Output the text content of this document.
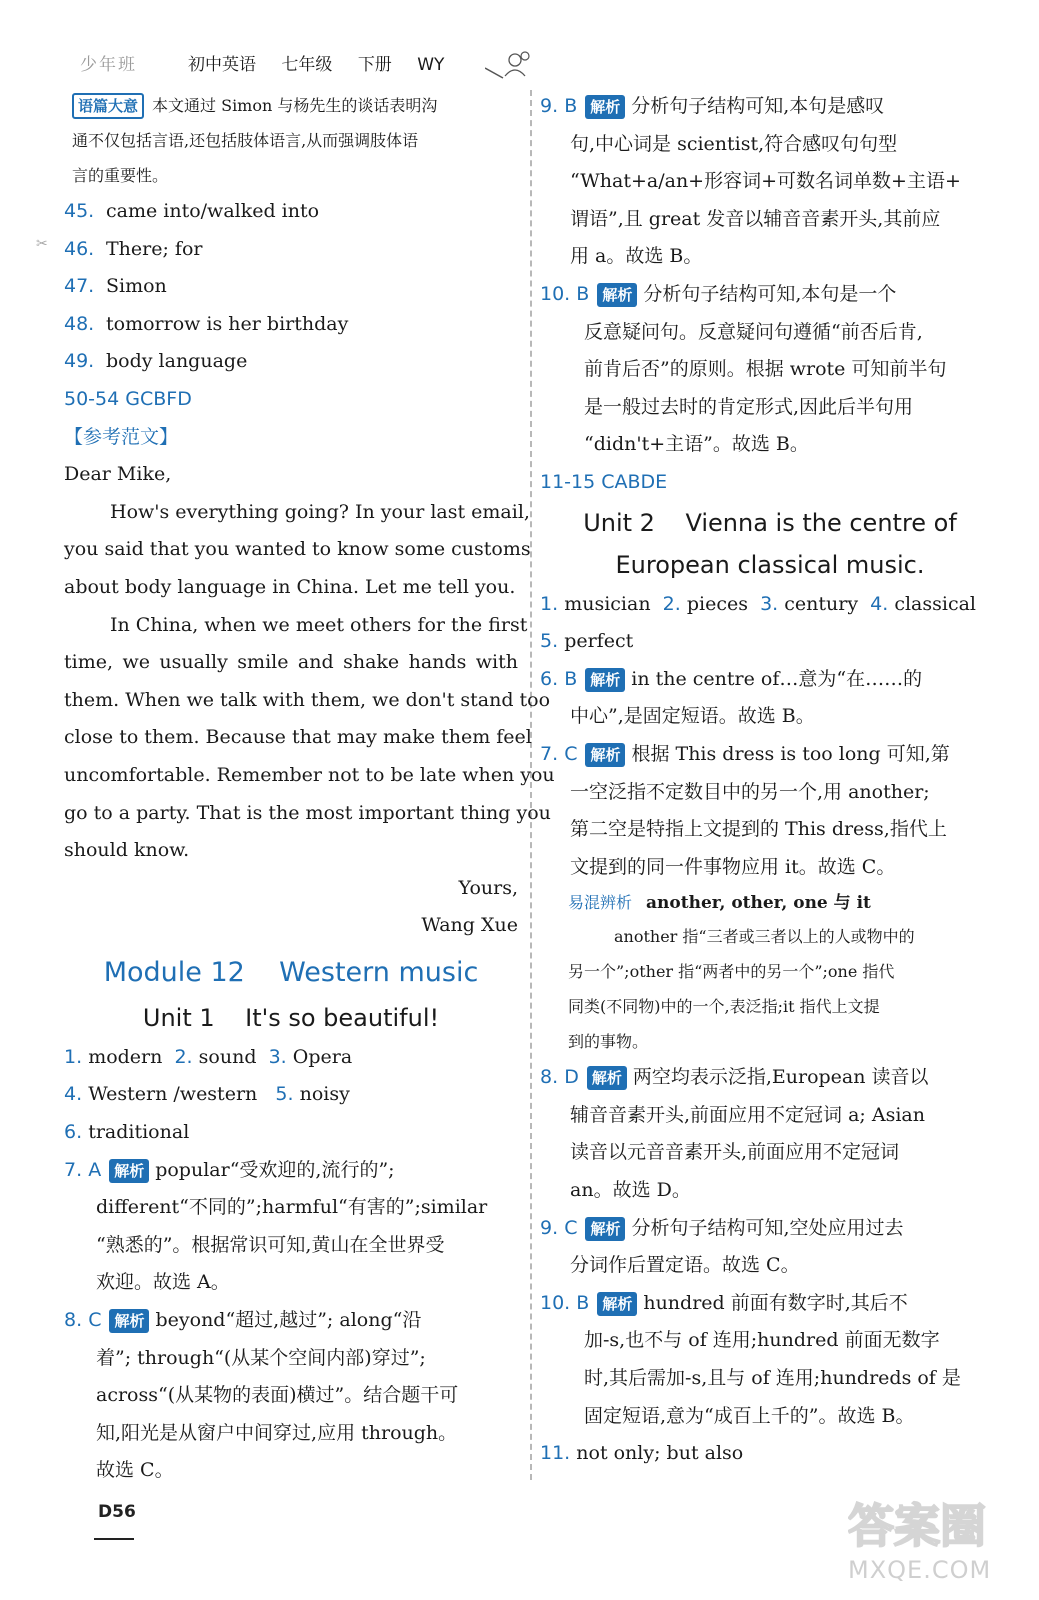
少年班	初中英语 七年级 下册 WY
✂
语篇大意 本文通过 Simon 与杨先生的谈话表明沟
通不仅包括言语,还包括肢体语言,从而强调肢体语
言的重要性。
45. came into/walked into
46. There; for
47. Simon
48. tomorrow is her birthday
49. body language
50-54 GCBFD
【参考范文】
Dear Mike,
How's everything going? In your last email,
you said that you wanted to know some customs
about body language in China. Let me tell you.
In China, when we meet others for the first
time, we usually smile and shake hands with
them. When we talk with them, we don't stand too
close to them. Because that may make them feel
uncomfortable. Remember not to be late when you
go to a party. That is the most important thing you
should know.
Yours,
Wang Xue
Module 12    Western music
Unit 1    It's so beautiful!
1. modern 2. sound 3. Opera
4. Western /western 5. noisy
6. traditional
7. A 解析 popular“受欢迎的,流行的”;
different“不同的”;harmful“有害的”;similar
“熟悉的”。根据常识可知,黄山在全世界受
欢迎。故选 A。
8. C 解析 beyond“超过,越过”; along“沿
着”; through“(从某个空间内部)穿过”;
across“(从某物的表面)横过”。结合题干可
知,阳光是从窗户中间穿过,应用 through。
故选 C。
9. B 解析 分析句子结构可知,本句是感叹
句,中心词是 scientist,符合感叹句句型
“What+a/an+形容词+可数名词单数+主语+
谓语”,且 great 发音以辅音音素开头,其前应
用 a。故选 B。
10. B 解析 分析句子结构可知,本句是一个
反意疑问句。反意疑问句遵循“前否后肯,
前肯后否”的原则。根据 wrote 可知前半句
是一般过去时的肯定形式,因此后半句用
“didn't+主语”。故选 B。
11-15 CABDE
Unit 2    Vienna is the centre of
European classical music.
1. musician 2. pieces 3. century 4. classical
5. perfect
6. B 解析 in the centre of…意为“在……的
中心”,是固定短语。故选 B。
7. C 解析 根据 This dress is too long 可知,第
一空泛指不定数目中的另一个,用 another;
第二空是特指上文提到的 This dress,指代上
文提到的同一件事物应用 it。故选 C。
易混辨析 another, other, one 与 it
another 指“三者或三者以上的人或物中的
另一个”;other 指“两者中的另一个”;one 指代
同类(不同物)中的一个,表泛指;it 指代上文提
到的事物。
8. D 解析 两空均表示泛指,European 读音以
辅音音素开头,前面应用不定冠词 a; Asian
读音以元音音素开头,前面应用不定冠词
an。故选 D。
9. C 解析 分析句子结构可知,空处应用过去
分词作后置定语。故选 C。
10. B 解析 hundred 前面有数字时,其后不
加-s,也不与 of 连用;hundred 前面无数字
时,其后需加-s,且与 of 连用;hundreds of 是
固定短语,意为“成百上千的”。故选 B。
11. not only; but also
D56	答案圈
MXQE.COM
